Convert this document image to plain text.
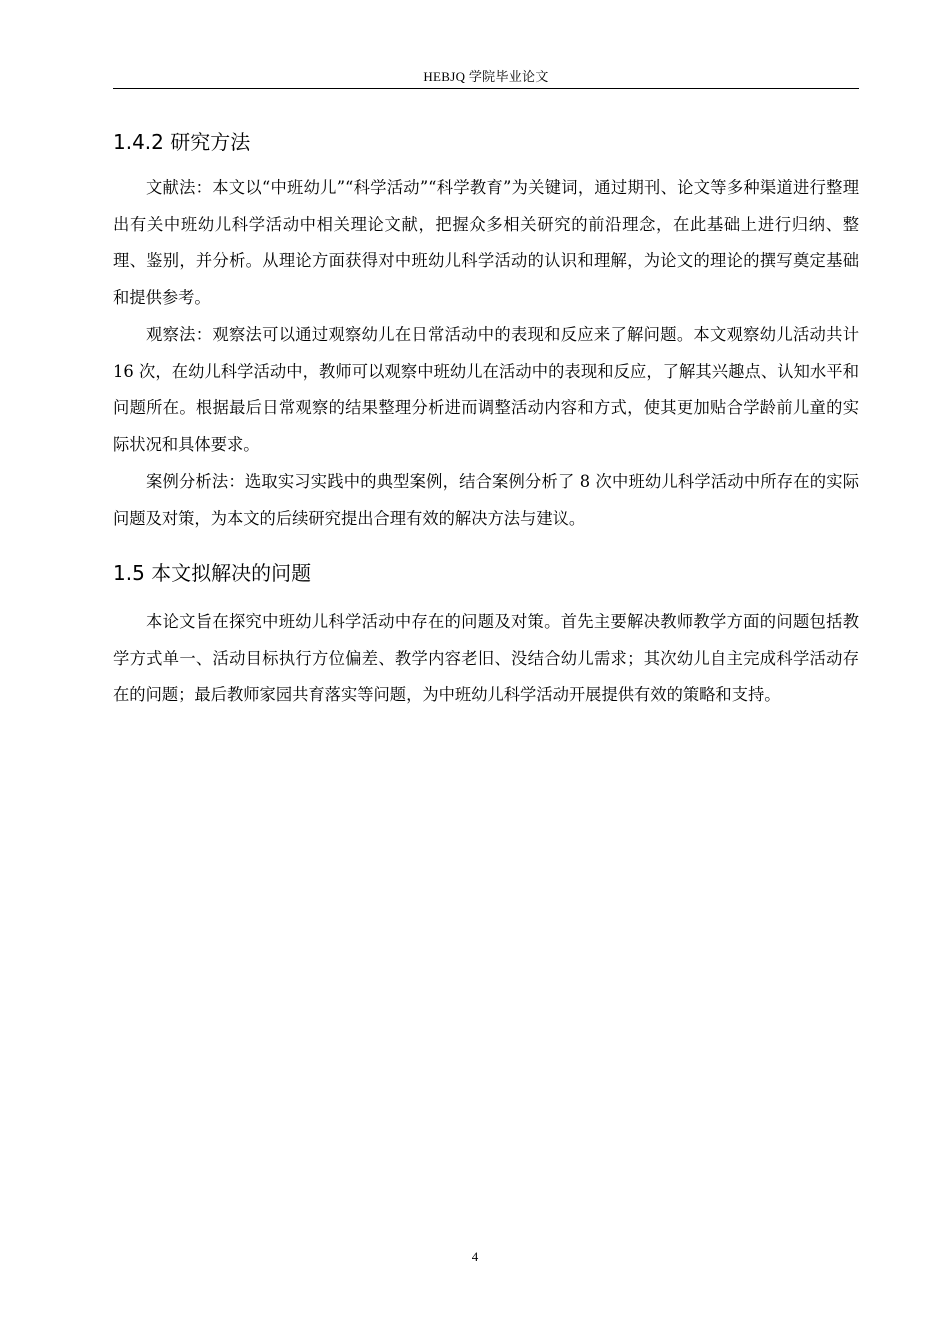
HEBJQ 学院毕业论文
1.4.2 研究方法

文献法：本文以“中班幼儿”“科学活动”“科学教育”为关键词，通过期刊、论文等多种渠道进行整理出有关中班幼儿科学活动中相关理论文献，把握众多相关研究的前沿理念，在此基础上进行归纳、整理、鉴别，并分析。从理论方面获得对中班幼儿科学活动的认识和理解，为论文的理论的撰写奠定基础和提供参考。

观察法：观察法可以通过观察幼儿在日常活动中的表现和反应来了解问题。本文观察幼儿活动共计 16 次，在幼儿科学活动中，教师可以观察中班幼儿在活动中的表现和反应，了解其兴趣点、认知水平和问题所在。根据最后日常观察的结果整理分析进而调整活动内容和方式，使其更加贴合学龄前儿童的实际状况和具体要求。

案例分析法：选取实习实践中的典型案例，结合案例分析了 8 次中班幼儿科学活动中所存在的实际问题及对策，为本文的后续研究提出合理有效的解决方法与建议。

1.5 本文拟解决的问题

本论文旨在探究中班幼儿科学活动中存在的问题及对策。首先主要解决教师教学方面的问题包括教学方式单一、活动目标执行方位偏差、教学内容老旧、没结合幼儿需求；其次幼儿自主完成科学活动存在的问题；最后教师家园共育落实等问题，为中班幼儿科学活动开展提供有效的策略和支持。

4
